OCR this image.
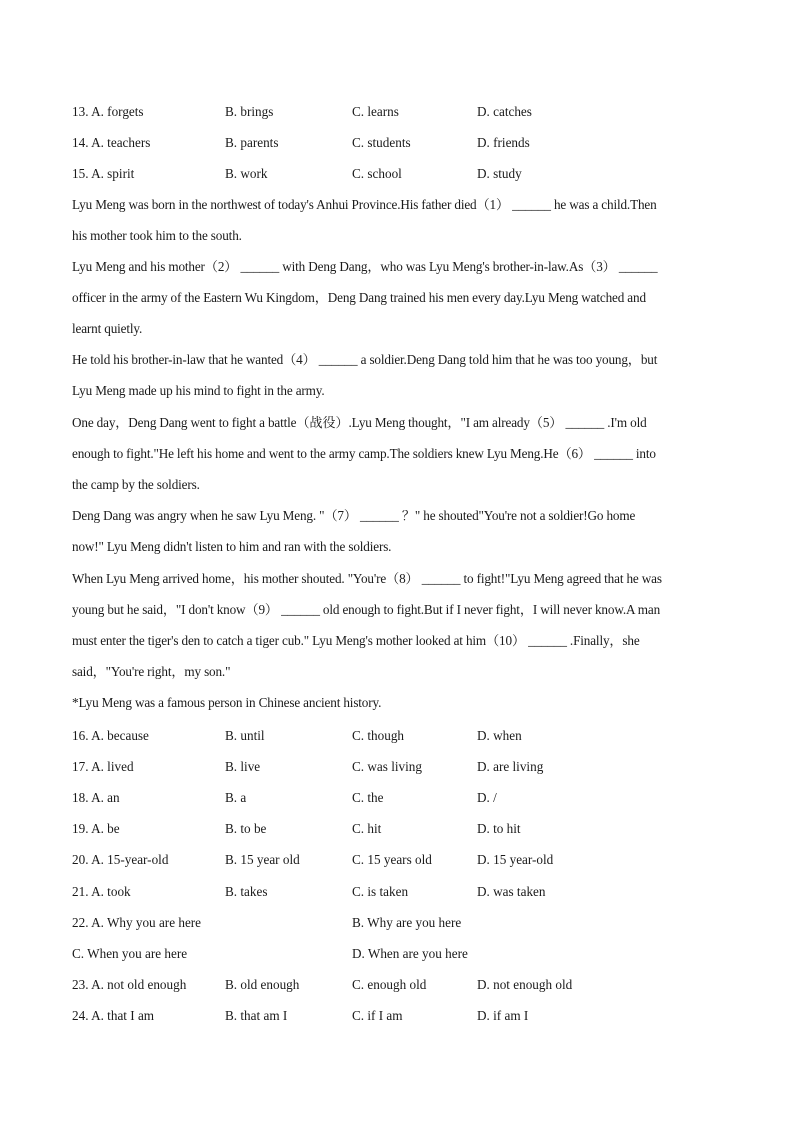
13. A. forgets	B. brings	C. learns	D. catches
14. A. teachers	B. parents	C. students	D. friends
15. A. spirit	B. work	C. school	D. study
Lyu Meng was born in the northwest of today's Anhui Province.His father died（1） ______ he was a child.Then
his mother took him to the south.
Lyu Meng and his mother（2） ______ with Deng Dang，who was Lyu Meng's brother-in-law.As（3） ______
officer in the army of the Eastern Wu Kingdom，Deng Dang trained his men every day.Lyu Meng watched and
learnt quietly.
He told his brother-in-law that he wanted（4） ______ a soldier.Deng Dang told him that he was too young，but
Lyu Meng made up his mind to fight in the army.
One day，Deng Dang went to fight a battle（战役）.Lyu Meng thought，"I am already（5） ______ .I'm old
enough to fight."He left his home and went to the army camp.The soldiers knew Lyu Meng.He（6） ______ into
the camp by the soldiers.
Deng Dang was angry when he saw Lyu Meng. "（7） ______ ？" he shouted"You're not a soldier!Go home
now!" Lyu Meng didn't listen to him and ran with the soldiers.
When Lyu Meng arrived home，his mother shouted. "You're（8） ______ to fight!"Lyu Meng agreed that he was
young but he said，"I don't know（9） ______ old enough to fight.But if I never fight，I will never know.A man
must enter the tiger's den to catch a tiger cub." Lyu Meng's mother looked at him（10） ______ .Finally，she
said，"You're right，my son."
*Lyu Meng was a famous person in Chinese ancient history.
16. A. because	B. until	C. though	D. when
17. A. lived	B. live	C. was living	D. are living
18. A. an	B. a	C. the	D. /
19. A. be	B. to be	C. hit	D. to hit
20. A. 15-year-old	B. 15 year old	C. 15 years old	D. 15 year-old
21. A. took	B. takes	C. is taken	D. was taken
22. A. Why you are here	B. Why are you here
C. When you are here	D. When are you here
23. A. not old enough	B. old enough	C. enough old	D. not enough old
24. A. that I am	B. that am I	C. if I am	D. if am I
